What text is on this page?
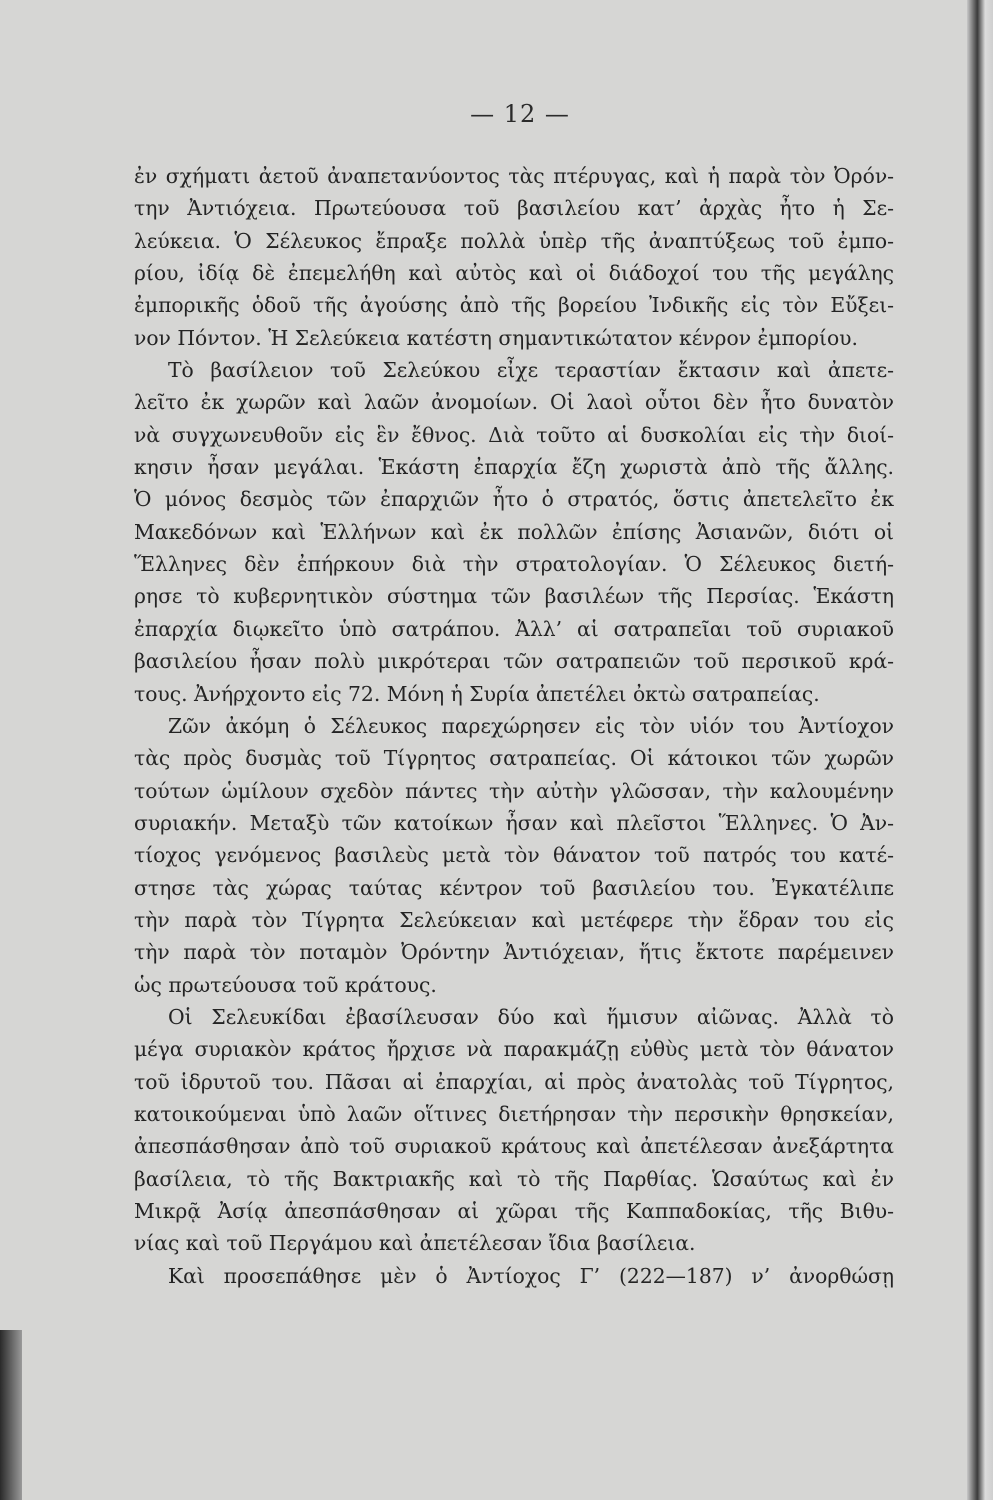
— 12 —
ἐν σχήματι ἀετοῦ ἀναπετανύοντος τὰς πτέρυγας, καὶ ἡ παρὰ τὸν Ὀρόν-
την Ἀντιόχεια. Πρωτεύουσα τοῦ βασιλείου κατ’ ἀρχὰς ἦτο ἡ Σε-
λεύκεια. Ὁ Σέλευκος ἔπραξε πολλὰ ὑπὲρ τῆς ἀναπτύξεως τοῦ ἐμπο-
ρίου, ἰδίᾳ δὲ ἐπεμελήθη καὶ αὐτὸς καὶ οἱ διάδοχοί του τῆς μεγάλης
ἐμπορικῆς ὁδοῦ τῆς ἀγούσης ἀπὸ τῆς βορείου Ἰνδικῆς εἰς τὸν Εὔξει-
νον Πόντον. Ἡ Σελεύκεια κατέστη σημαντικώτατον κένρον ἐμπορίου.
Τὸ βασίλειον τοῦ Σελεύκου εἶχε τεραστίαν ἔκτασιν καὶ ἀπετε-
λεῖτο ἐκ χωρῶν καὶ λαῶν ἀνομοίων. Οἱ λαοὶ οὗτοι δὲν ἦτο δυνατὸν
νὰ συγχωνευθοῦν εἰς ἓν ἔθνος. Διὰ τοῦτο αἱ δυσκολίαι εἰς τὴν διοί-
κησιν ἦσαν μεγάλαι. Ἑκάστη ἐπαρχία ἔζη χωριστὰ ἀπὸ τῆς ἄλλης.
Ὁ μόνος δεσμὸς τῶν ἐπαρχιῶν ἦτο ὁ στρατός, ὅστις ἀπετελεῖτο ἐκ
Μακεδόνων καὶ Ἑλλήνων καὶ ἐκ πολλῶν ἐπίσης Ἀσιανῶν, διότι οἱ
Ἕλληνες δὲν ἐπήρκουν διὰ τὴν στρατολογίαν. Ὁ Σέλευκος διετή-
ρησε τὸ κυβερνητικὸν σύστημα τῶν βασιλέων τῆς Περσίας. Ἑκάστη
ἐπαρχία διῳκεῖτο ὑπὸ σατράπου. Ἀλλ’ αἱ σατραπεῖαι τοῦ συριακοῦ
βασιλείου ἦσαν πολὺ μικρότεραι τῶν σατραπειῶν τοῦ περσικοῦ κρά-
τους. Ἀνήρχοντο εἰς 72. Μόνη ἡ Συρία ἀπετέλει ὀκτὼ σατραπείας.
Ζῶν ἀκόμη ὁ Σέλευκος παρεχώρησεν εἰς τὸν υἱόν του Ἀντίοχον
τὰς πρὸς δυσμὰς τοῦ Τίγρητος σατραπείας. Οἱ κάτοικοι τῶν χωρῶν
τούτων ὡμίλουν σχεδὸν πάντες τὴν αὐτὴν γλῶσσαν, τὴν καλουμένην
συριακήν. Μεταξὺ τῶν κατοίκων ἦσαν καὶ πλεῖστοι Ἕλληνες. Ὁ Ἀν-
τίοχος γενόμενος βασιλεὺς μετὰ τὸν θάνατον τοῦ πατρός του κατέ-
στησε τὰς χώρας ταύτας κέντρον τοῦ βασιλείου του. Ἐγκατέλιπε
τὴν παρὰ τὸν Τίγρητα Σελεύκειαν καὶ μετέφερε τὴν ἕδραν του εἰς
τὴν παρὰ τὸν ποταμὸν Ὀρόντην Ἀντιόχειαν, ἥτις ἔκτοτε παρέμεινεν
ὡς πρωτεύουσα τοῦ κράτους.
Οἱ Σελευκίδαι ἐβασίλευσαν δύο καὶ ἥμισυν αἰῶνας. Ἀλλὰ τὸ
μέγα συριακὸν κράτος ἤρχισε νὰ παρακμάζῃ εὐθὺς μετὰ τὸν θάνατον
τοῦ ἱδρυτοῦ του. Πᾶσαι αἱ ἐπαρχίαι, αἱ πρὸς ἀνατολὰς τοῦ Τίγρητος,
κατοικούμεναι ὑπὸ λαῶν οἵτινες διετήρησαν τὴν περσικὴν θρησκείαν,
ἀπεσπάσθησαν ἀπὸ τοῦ συριακοῦ κράτους καὶ ἀπετέλεσαν ἀνεξάρτητα
βασίλεια, τὸ τῆς Βακτριακῆς καὶ τὸ τῆς Παρθίας. Ὡσαύτως καὶ ἐν
Μικρᾷ Ἀσίᾳ ἀπεσπάσθησαν αἱ χῶραι τῆς Καππαδοκίας, τῆς Βιθυ-
νίας καὶ τοῦ Περγάμου καὶ ἀπετέλεσαν ἴδια βασίλεια.
Καὶ προσεπάθησε μὲν ὁ Ἀντίοχος Γ’ (222—187) ν’ ἀνορθώσῃ
